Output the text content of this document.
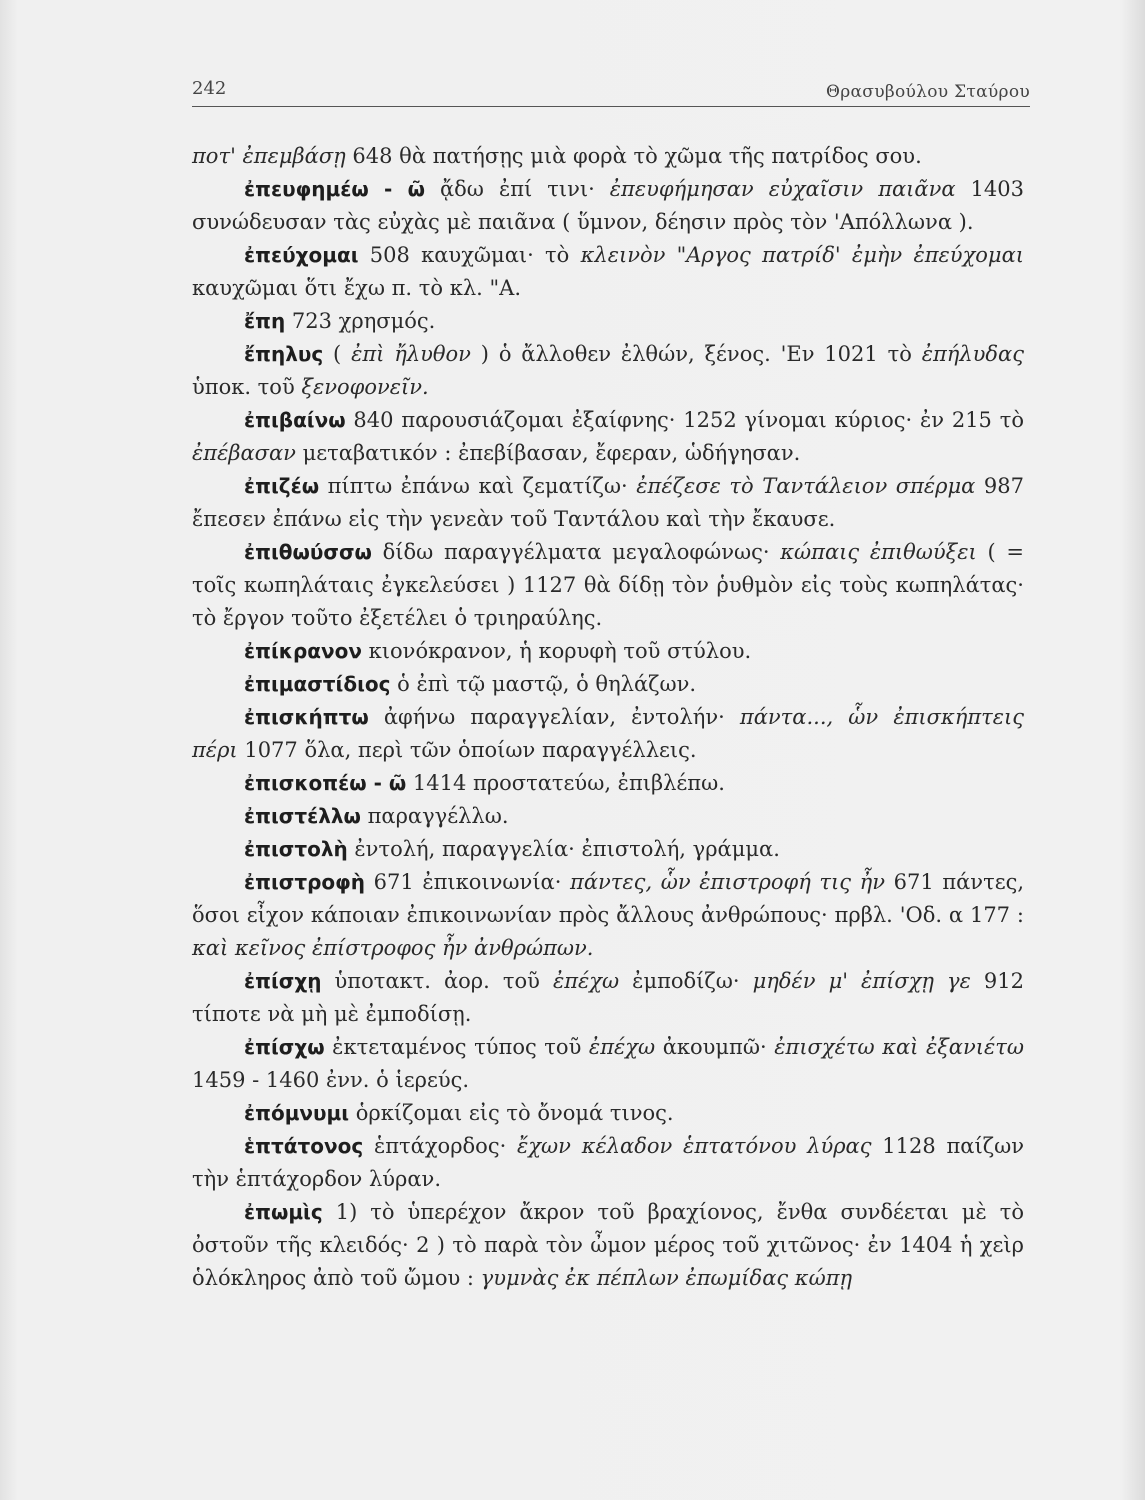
242	Θρασυβούλου Σταύρου

ποτ' ἐπεμβάσῃ 648 θὰ πατήσῃς μιὰ φορὰ τὸ χῶμα τῆς πατρίδος σου.

ἐπευφημέω - ῶ ᾄδω ἐπί τινι· ἐπευφήμησαν εὐχαῖσιν παιᾶνα 1403 συνώδευσαν τὰς εὐχὰς μὲ παιᾶνα ( ὕμνον, δέησιν πρὸς τὸν 'Απόλλωνα ).

ἐπεύχομαι 508 καυχῶμαι· τὸ κλεινὸν "Αργος πατρίδ' ἐμὴν ἐπεύχομαι καυχῶμαι ὅτι ἔχω π. τὸ κλ. "Α.

ἔπη 723 χρησμός.

ἔπηλυς ( ἐπὶ ἤλυθον ) ὁ ἄλλοθεν ἐλθών, ξένος. 'Εν 1021 τὸ ἐπήλυδας ὑποκ. τοῦ ξενοφονεῖν.

ἐπιβαίνω 840 παρουσιάζομαι ἐξαίφνης· 1252 γίνομαι κύριος· ἐν 215 τὸ ἐπέβασαν μεταβατικόν : ἐπεβίβασαν, ἔφεραν, ὡδήγησαν.

ἐπιζέω πίπτω ἐπάνω καὶ ζεματίζω· ἐπέζεσε τὸ Ταντάλειον σπέρμα 987 ἔπεσεν ἐπάνω εἰς τὴν γενεὰν τοῦ Ταντάλου καὶ τὴν ἔκαυσε.

ἐπιθωύσσω δίδω παραγγέλματα μεγαλοφώνως· κώπαις ἐπιθωύξει ( = τοῖς κωπηλάταις ἐγκελεύσει ) 1127 θὰ δίδῃ τὸν ῥυθμὸν εἰς τοὺς κωπηλάτας· τὸ ἔργον τοῦτο ἐξετέλει ὁ τριηραύλης.

ἐπίκρανον κιονόκρανον, ἡ κορυφὴ τοῦ στύλου.

ἐπιμαστίδιος ὁ ἐπὶ τῷ μαστῷ, ὁ θηλάζων.

ἐπισκήπτω ἀφήνω παραγγελίαν, ἐντολήν· πάντα..., ὧν ἐπισκήπτεις πέρι 1077 ὅλα, περὶ τῶν ὁποίων παραγγέλλεις.

ἐπισκοπέω - ῶ 1414 προστατεύω, ἐπιβλέπω.

ἐπιστέλλω παραγγέλλω.

ἐπιστολὴ ἐντολή, παραγγελία· ἐπιστολή, γράμμα.

ἐπιστροφὴ 671 ἐπικοινωνία· πάντες, ὧν ἐπιστροφή τις ἦν 671 πάντες, ὅσοι εἶχον κάποιαν ἐπικοινωνίαν πρὸς ἄλλους ἀνθρώπους· πρβλ. 'Οδ. α 177 : καὶ κεῖνος ἐπίστροφος ἦν ἀνθρώπων.

ἐπίσχῃ ὑποτακτ. ἀορ. τοῦ ἐπέχω ἐμποδίζω· μηδέν μ' ἐπίσχῃ γε 912 τίποτε νὰ μὴ μὲ ἐμποδίσῃ.

ἐπίσχω ἐκτεταμένος τύπος τοῦ ἐπέχω ἀκουμπῶ· ἐπισχέτω καὶ ἐξανιέτω 1459 - 1460 ἐνν. ὁ ἱερεύς.

ἐπόμνυμι ὁρκίζομαι εἰς τὸ ὄνομά τινος.

ἑπτάτονος ἑπτάχορδος· ἔχων κέλαδον ἑπτατόνου λύρας 1128 παίζων τὴν ἑπτάχορδον λύραν.

ἐπωμὶς 1) τὸ ὑπερέχον ἄκρον τοῦ βραχίονος, ἔνθα συνδέεται μὲ τὸ ὀστοῦν τῆς κλειδός· 2 ) τὸ παρὰ τὸν ὦμον μέρος τοῦ χιτῶνος· ἐν 1404 ἡ χεὶρ ὁλόκληρος ἀπὸ τοῦ ὤμου : γυμνὰς ἐκ πέπλων ἐπωμίδας κώπῃ
